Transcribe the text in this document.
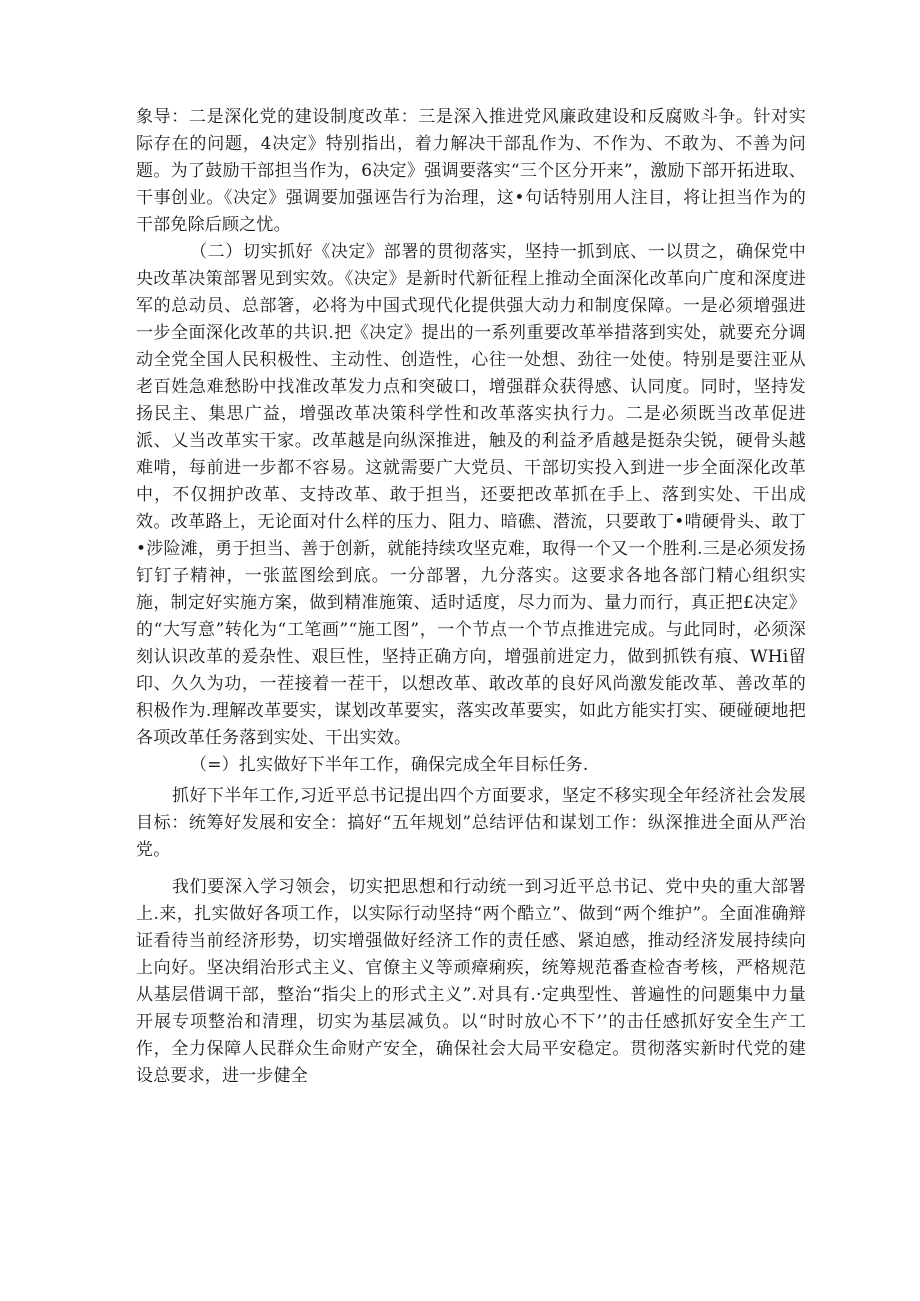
象导：二是深化党的建设制度改革：三是深入推进党风廉政建设和反腐败斗争。针对实际存在的问题，4决定》特别指出，着力解决干部乱作为、不作为、不敢为、不善为问题。为了鼓励干部担当作为，6决定》强调要落实“三个区分开来”，激励下部开拓进取、干事创业。《决定》强调要加强诬告行为治理，这•句话特别用人注目，将让担当作为的干部免除后顾之忧。

（二）切实抓好《决定》部署的贯彻落实，坚持一抓到底、一以贯之，确保党中央改革决策部署见到实效。《决定》是新时代新征程上推动全面深化改革向广度和深度进军的总动员、总部箸，必将为中国式现代化提供强大动力和制度保障。一是必须增强进一步全面深化改革的共识.把《决定》提出的一系列重要改革举措落到实处，就要充分调动全党全国人民积极性、主动性、创造性，心往一处想、劲往一处使。特别是要注亚从老百姓急难愁盼中找准改革发力点和突破口，增强群众获得感、认同度。同时，坚持发扬民主、集思广益，增强改革决策科学性和改革落实执行力。二是必须既当改革促进派、乂当改革实干家。改革越是向纵深推进，触及的利益矛盾越是挺杂尖锐，硬骨头越难啃，每前进一步都不容易。这就需要广大党员、干部切实投入到进一步全面深化改革中，不仅拥护改革、支持改革、敢于担当，还要把改革抓在手上、落到实处、干出成效。改革路上，无论面对什么样的压力、阻力、暗礁、潜流，只要敢丁•啃硬骨头、敢丁•涉险滩，勇于担当、善于创新，就能持续攻坚克难，取得一个又一个胜利.三是必须发扬钉钉子精神，一张蓝图绘到底。一分部署，九分落实。这要求各地各部门精心组织实施，制定好实施方案，做到精准施策、适时适度，尽力而为、量力而行，真正把£决定》的“大写意”转化为“工笔画”“施工图”，一个节点一个节点推进完成。与此同时，必须深刻认识改革的爰杂性、艰巨性，坚持正确方向，增强前进定力，做到抓铁有痕、WHi留印、久久为功，一茬接着一茬干，以想改革、敢改革的良好风尚激发能改革、善改革的积极作为.理解改革要实，谋划改革要实，落实改革要实，如此方能实打实、硬碰硬地把各项改革任务落到实处、干出实效。

（=）扎实做好下半年工作，确保完成全年目标任务.

抓好下半年工作,习近平总书记提出四个方面要求，坚定不移实现全年经济社会发展目标：统筹好发展和安全：搞好“五年规划”总结评估和谋划工作：纵深推进全面从严治党。

我们要深入学习领会，切实把思想和行动统一到习近平总书记、党中央的重大部署上.来，扎实做好各项工作，以实际行动坚持“两个酷立”、做到“两个维护”。全面准确辩证看待当前经济形势，切实增强做好经济工作的责任感、紧迫感，推动经济发展持续向上向好。坚决绢治形式主义、官僚主义等顽瘴痢疾，统筹规范番查检杳考核，严格规范从基层借调干部，整治“指尖上的形式主义”.对具有.·定典型性、普遍性的问题集中力量开展专项整治和清理，切实为基层减负。以“时时放心不下’’的击任感抓好安全生产工作，全力保障人民群众生命财产安全，确保社会大局平安稳定。贯彻落实新时代党的建设总要求，进一步健全
